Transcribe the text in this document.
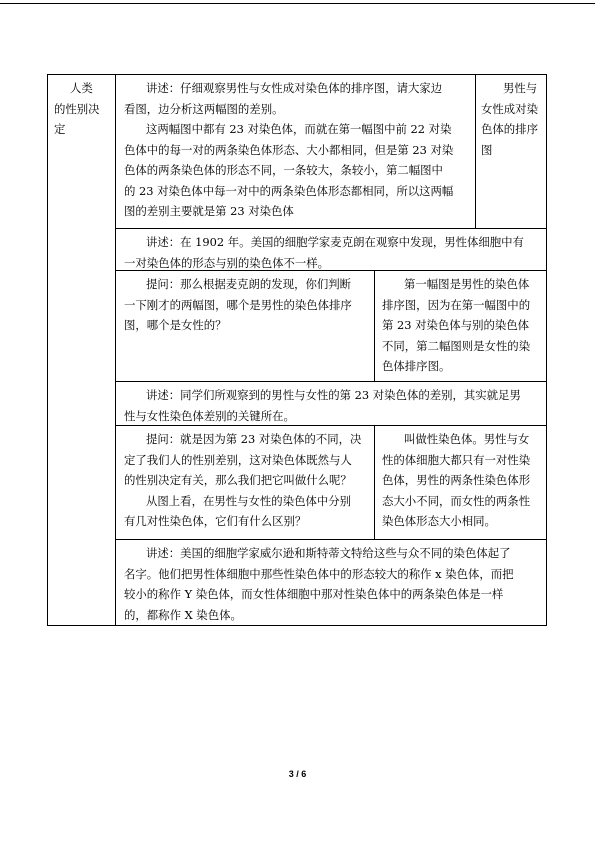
人类
的性别决
定
讲述：仔细观察男性与女性成对染色体的排序图，请大家边
看图，边分析这两幅图的差别。
这两幅图中都有 23 对染色体，而就在第一幅图中前 22 对染
色体中的每一对的两条染色体形态、大小都相同，但是第 23 对染
色体的两条染色体的形态不同，一条较大，条较小，第二幅图中
的 23 对染色体中每一对中的两条染色体形态都相同，所以这两幅
图的差别主要就是第 23 对染色体
男性与
女性成对染
色体的排序
图
讲述：在 1902 年。美国的细胞学家麦克朗在观察中发现，男性体细胞中有
一对染色体的形态与别的染色体不一样。
提问：那么根据麦克朗的发现，你们判断
一下刚才的两幅图，哪个是男性的染色体排序
图，哪个是女性的？
第一幅图是男性的染色体
排序图，因为在第一幅图中的
第 23 对染色体与别的染色体
不同，第二幅图则是女性的染
色体排序图。
讲述：同学们所观察到的男性与女性的第 23 对染色体的差别，其实就足男
性与女性染色体差别的关键所在。
提问：就是因为第 23 对染色体的不同，决
定了我们人的性别差别，这对染色体既然与人
的性别决定有关，那么我们把它叫做什么呢？
从图上看，在男性与女性的染色体中分别
有几对性染色体，它们有什么区别？
叫做性染色体。男性与女
性的体细胞大都只有一对性染
色体，男性的两条性染色体形
态大小不同，而女性的两条性
染色体形态大小相同。
讲述：美国的细胞学家威尔逊和斯特蒂文特给这些与众不同的染色体起了
名字。他们把男性体细胞中那些性染色体中的形态较大的称作 x 染色体，而把
较小的称作 Y 染色体，而女性体细胞中那对性染色体中的两条染色体是一样
的，都称作 X 染色体。
3 / 6
